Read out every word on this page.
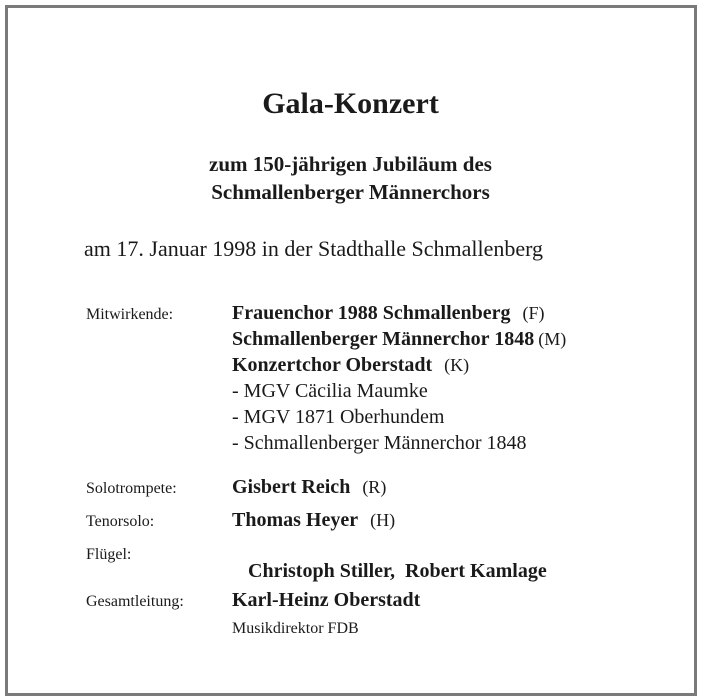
Gala-Konzert
zum 150-jährigen Jubiläum des
Schmallenberger Männerchors
am 17. Januar 1998 in der Stadthalle Schmallenberg
Mitwirkende:	Frauenchor 1988 Schmallenberg (F)
Schmallenberger Männerchor 1848 (M)
Konzertchor Oberstadt (K)
- MGV Cäcilia Maumke
- MGV 1871 Oberhundem
- Schmallenberger Männerchor 1848
Solotrompete:	Gisbert Reich (R)
Tenorsolo:	Thomas Heyer (H)
Flügel:

Christoph Stiller,  Robert Kamlage

Gesamtleitung: Karl-Heinz Oberstadt
Musikdirektor FDB
